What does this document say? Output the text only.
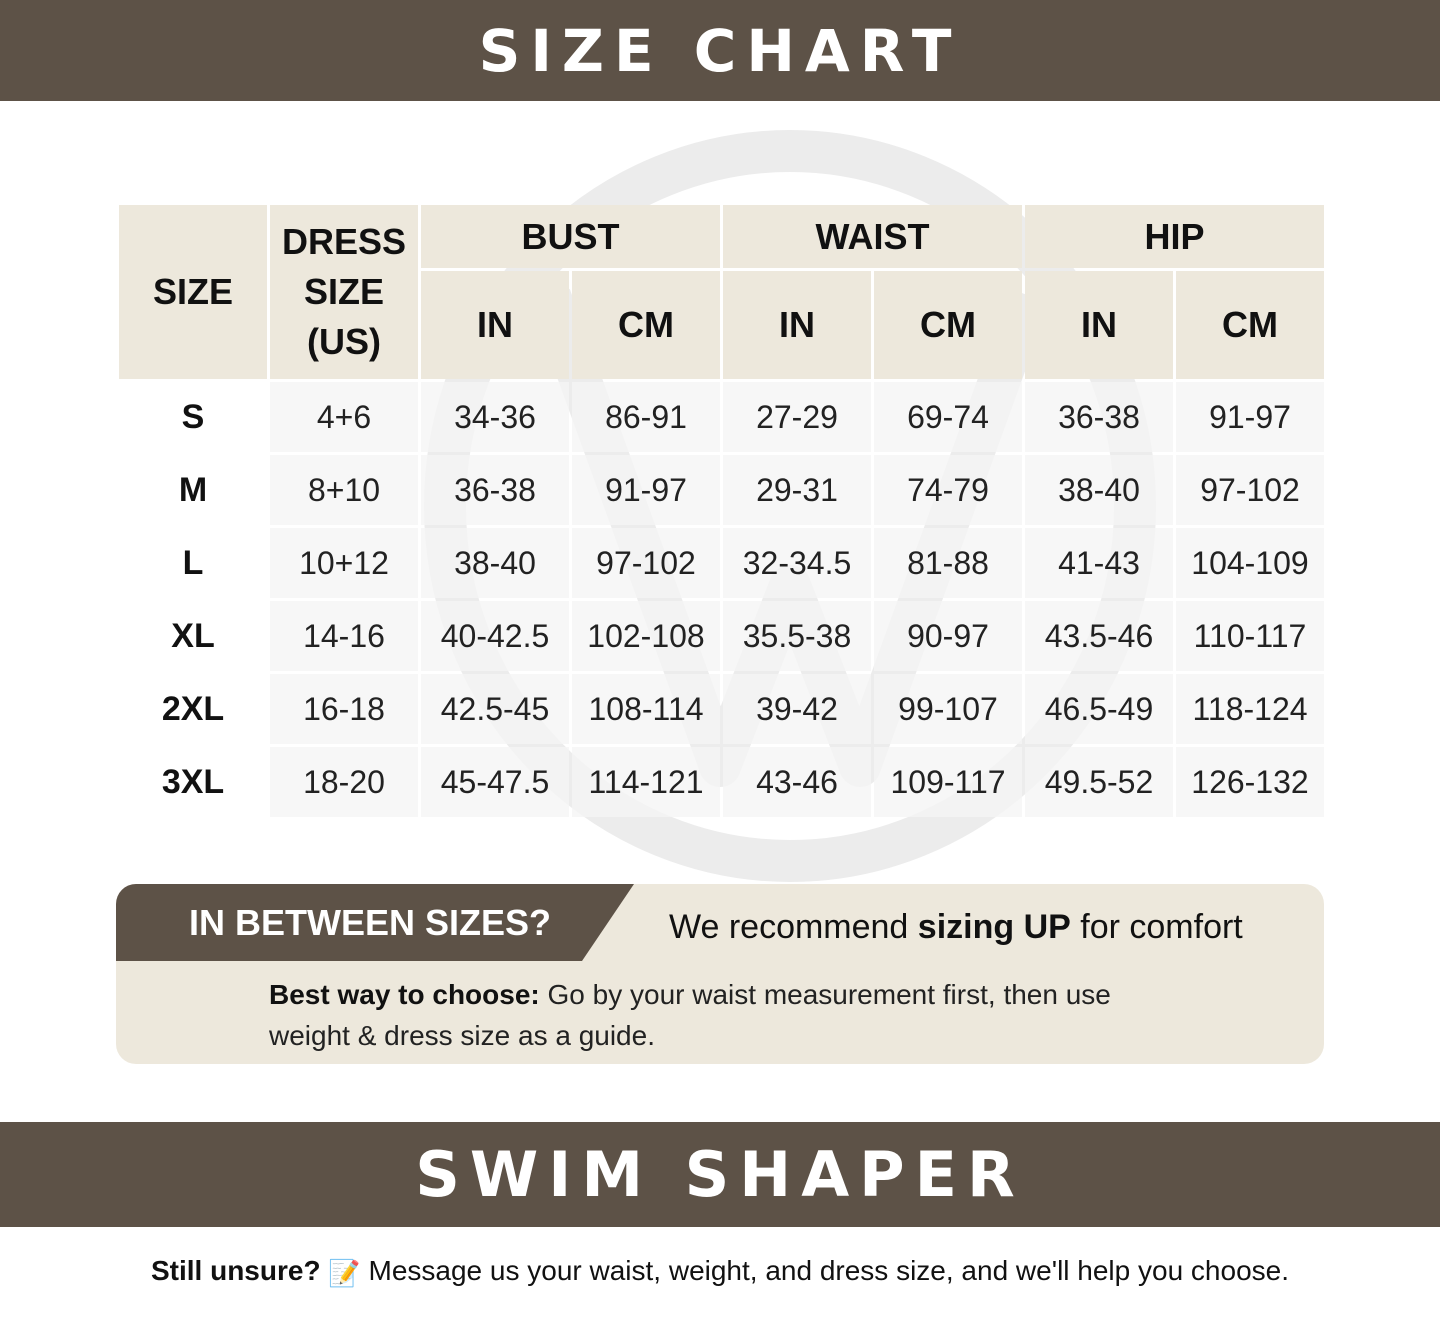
SIZE CHART
SIZE	DRESS
SIZE
(US)	BUST		WAIST		HIP	
		IN	CM	IN	CM	IN	CM
S	4+6	34-36	86-91	27-29	69-74	36-38	91-97
M	8+10	36-38	91-97	29-31	74-79	38-40	97-102
L	10+12	38-40	97-102	32-34.5	81-88	41-43	104-109
XL	14-16	40-42.5	102-108	35.5-38	90-97	43.5-46	110-117
2XL	16-18	42.5-45	108-114	39-42	99-107	46.5-49	118-124
3XL	18-20	45-47.5	114-121	43-46	109-117	49.5-52	126-132
IN BETWEEN SIZES?	We recommend sizing UP for comfort
Best way to choose: Go by your waist measurement first, then use weight & dress size as a guide.
SWIM SHAPER
Still unsure? 📝 Message us your waist, weight, and dress size, and we'll help you choose.
